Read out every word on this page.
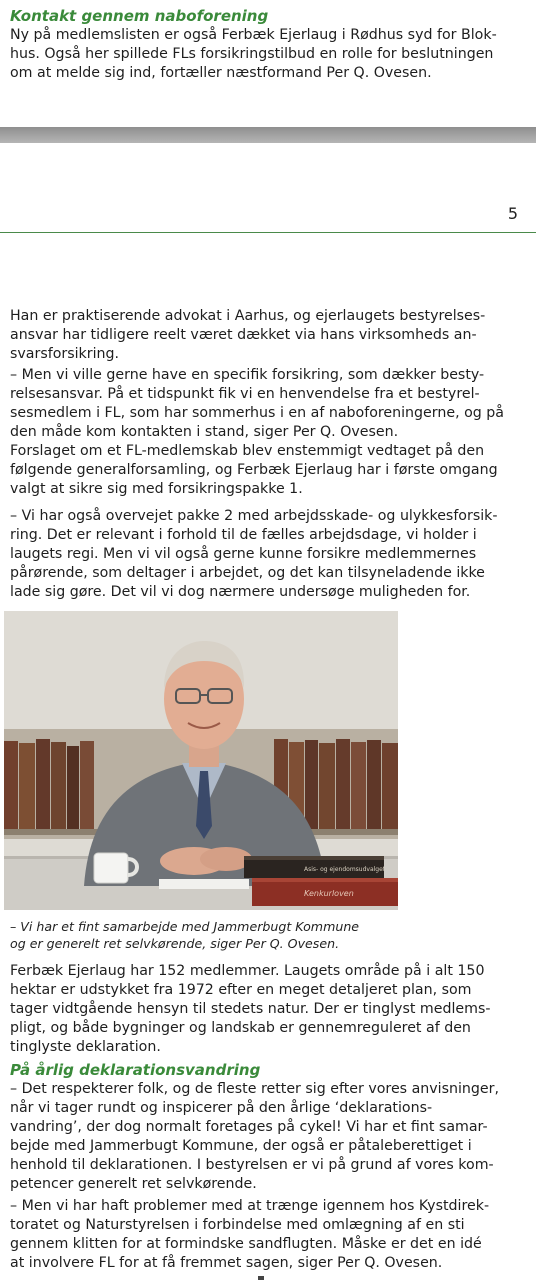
Kontakt gennem naboforening
Ny på medlemslisten er også Ferbæk Ejerlaug i Rødhus syd for Blok-
hus. Også her spillede FLs forsikringstilbud en rolle for beslutningen
om at melde sig ind, fortæller næstformand Per Q. Ovesen.
5
Han er praktiserende advokat i Aarhus, og ejerlaugets bestyrelses-
ansvar har tidligere reelt været dækket via hans virksomheds an-
svarsforsikring.
– Men vi ville gerne have en specifik forsikring, som dækker besty-
relsesansvar. På et tidspunkt fik vi en henvendelse fra et bestyrel-
sesmedlem i FL, som har sommerhus i en af naboforeningerne, og på
den måde kom kontakten i stand, siger Per Q. Ovesen.
Forslaget om et FL-medlemskab blev enstemmigt vedtaget på den
følgende generalforsamling, og Ferbæk Ejerlaug har i første omgang
valgt at sikre sig med forsikringspakke 1.
– Vi har også overvejet pakke 2 med arbejdsskade- og ulykkesforsik-
ring. Det er relevant i forhold til de fælles arbejdsdage, vi holder i
laugets regi. Men vi vil også gerne kunne forsikre medlemmernes
pårørende, som deltager i arbejdet, og det kan tilsyneladende ikke
lade sig gøre. Det vil vi dog nærmere undersøge muligheden for.
Asis- og ejendomsudvalget
Kenkurloven
– Vi har et fint samarbejde med Jammerbugt Kommune
og er generelt ret selvkørende, siger Per Q. Ovesen.
Ferbæk Ejerlaug har 152 medlemmer. Laugets område på i alt 150
hektar er udstykket fra 1972 efter en meget detaljeret plan, som
tager vidtgående hensyn til stedets natur. Der er tinglyst medlems-
pligt, og både bygninger og landskab er gennemreguleret af den
tinglyste deklaration.
På årlig deklarationsvandring
– Det respekterer folk, og de fleste retter sig efter vores anvisninger,
når vi tager rundt og inspicerer på den årlige ‘deklarations-
vandring’, der dog normalt foretages på cykel! Vi har et fint samar-
bejde med Jammerbugt Kommune, der også er påtaleberettiget i
henhold til deklarationen. I bestyrelsen er vi på grund af vores kom-
petencer generelt ret selvkørende.
– Men vi har haft problemer med at trænge igennem hos Kystdirek-
toratet og Naturstyrelsen i forbindelse med omlægning af en sti
gennem klitten for at formindske sandflugten. Måske er det en idé
at involvere FL for at få fremmet sagen, siger Per Q. Ovesen.
